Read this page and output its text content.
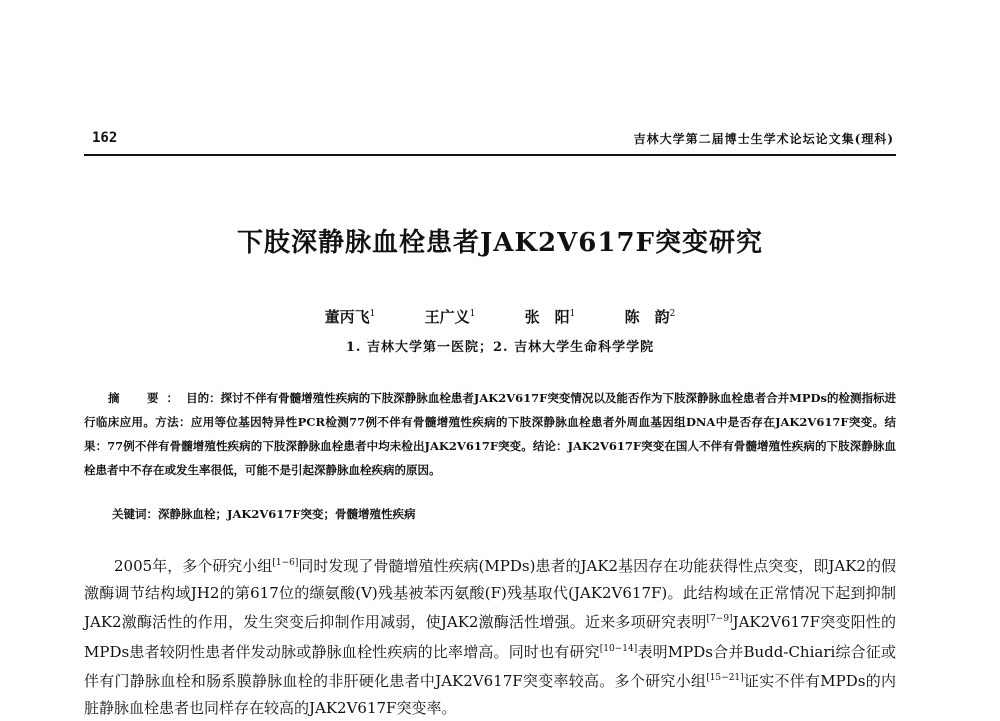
162	吉林大学第二届博士生学术论坛论文集(理科)
下肢深静脉血栓患者JAK2V617F突变研究
董丙飞$^1$	王广义$^1$	张　阳$^1$	陈　韵$^2$
1. 吉林大学第一医院；2. 吉林大学生命科学学院
摘　要：目的：探讨不伴有骨髓增殖性疾病的下肢深静脉血栓患者JAK2V617F突变情况以及能否作为下肢深静脉血栓患者合并MPDs的检测指标进行临床应用。方法：应用等位基因特异性PCR检测77例不伴有骨髓增殖性疾病的下肢深静脉血栓患者外周血基因组DNA中是否存在JAK2V617F突变。结果：77例不伴有骨髓增殖性疾病的下肢深静脉血栓患者中均未检出JAK2V617F突变。结论：JAK2V617F突变在国人不伴有骨髓增殖性疾病的下肢深静脉血栓患者中不存在或发生率很低，可能不是引起深静脉血栓疾病的原因。
关键词：深静脉血栓；JAK2V617F突变；骨髓增殖性疾病

2005年，多个研究小组[1−6]同时发现了骨髓增殖性疾病(MPDs)患者的JAK2基因存在功能获得性点突变，即JAK2的假激酶调节结构域JH2的第617位的缬氨酸(V)残基被苯丙氨酸(F)残基取代(JAK2V617F)。此结构域在正常情况下起到抑制JAK2激酶活性的作用，发生突变后抑制作用减弱，使JAK2激酶活性增强。近来多项研究表明[7−9]JAK2V617F突变阳性的MPDs患者较阴性患者伴发动脉或静脉血栓性疾病的比率增高。同时也有研究[10−14]表明MPDs合并Budd-Chiari综合征或伴有门静脉血栓和肠系膜静脉血栓的非肝硬化患者中JAK2V617F突变率较高。多个研究小组[15−21]证实不伴有MPDs的内脏静脉血栓患者也同样存在较高的JAK2V617F突变率。
